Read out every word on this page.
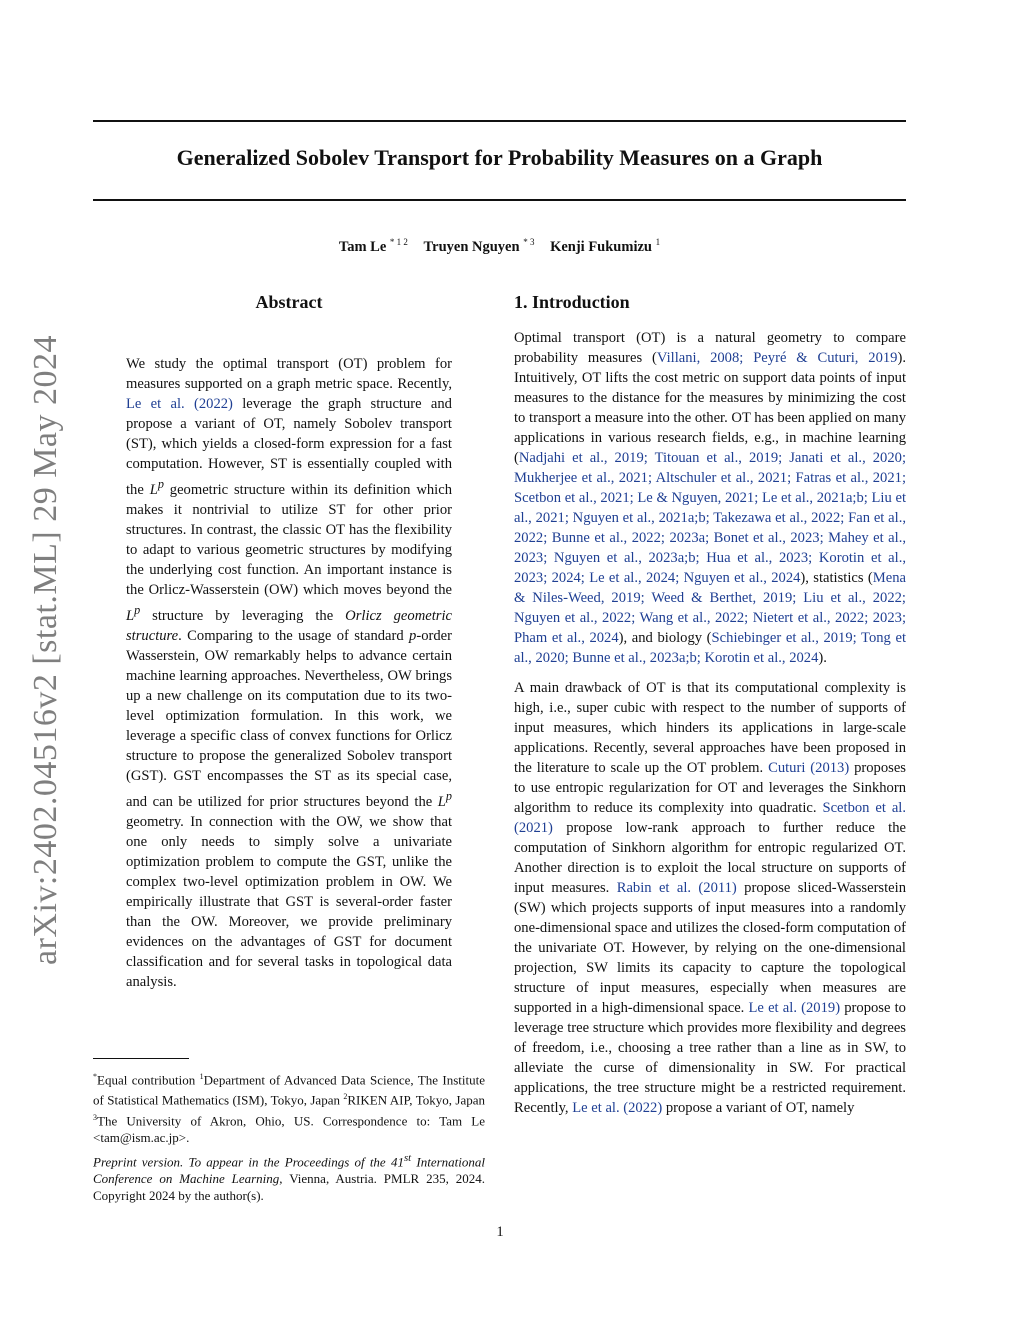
Generalized Sobolev Transport for Probability Measures on a Graph
Tam Le $^{* 1 2}$ Truyen Nguyen $^{* 3}$ Kenji Fukumizu $^1$
arXiv:2402.04516v2 [stat.ML] 29 May 2024
Abstract
We study the optimal transport (OT) problem for measures supported on a graph metric space. Recently, Le et al. (2022) leverage the graph structure and propose a variant of OT, namely Sobolev transport (ST), which yields a closed-form expression for a fast computation. However, ST is essentially coupled with the $L^p$ geometric structure within its definition which makes it nontrivial to utilize ST for other prior structures. In contrast, the classic OT has the flexibility to adapt to various geometric structures by modifying the underlying cost function. An important instance is the Orlicz-Wasserstein (OW) which moves beyond the $L^p$ structure by leveraging the Orlicz geometric structure. Comparing to the usage of standard p-order Wasserstein, OW remarkably helps to advance certain machine learning approaches. Nevertheless, OW brings up a new challenge on its computation due to its two-level optimization formulation. In this work, we leverage a specific class of convex functions for Orlicz structure to propose the generalized Sobolev transport (GST). GST encompasses the ST as its special case, and can be utilized for prior structures beyond the $L^p$ geometry. In connection with the OW, we show that one only needs to simply solve a univariate optimization problem to compute the GST, unlike the complex two-level optimization problem in OW. We empirically illustrate that GST is several-order faster than the OW. Moreover, we provide preliminary evidences on the advantages of GST for document classification and for several tasks in topological data analysis.
1. Introduction

Optimal transport (OT) is a natural geometry to compare probability measures (Villani, 2008; Peyré & Cuturi, 2019). Intuitively, OT lifts the cost metric on support data points of input measures to the distance for the measures by minimizing the cost to transport a measure into the other. OT has been applied on many applications in various research fields, e.g., in machine learning (Nadjahi et al., 2019; Titouan et al., 2019; Janati et al., 2020; Mukherjee et al., 2021; Altschuler et al., 2021; Fatras et al., 2021; Scetbon et al., 2021; Le & Nguyen, 2021; Le et al., 2021a;b; Liu et al., 2021; Nguyen et al., 2021a;b; Takezawa et al., 2022; Fan et al., 2022; Bunne et al., 2022; 2023a; Bonet et al., 2023; Mahey et al., 2023; Nguyen et al., 2023a;b; Hua et al., 2023; Korotin et al., 2023; 2024; Le et al., 2024; Nguyen et al., 2024), statistics (Mena & Niles-Weed, 2019; Weed & Berthet, 2019; Liu et al., 2022; Nguyen et al., 2022; Wang et al., 2022; Nietert et al., 2022; 2023; Pham et al., 2024), and biology (Schiebinger et al., 2019; Tong et al., 2020; Bunne et al., 2023a;b; Korotin et al., 2024).

A main drawback of OT is that its computational complexity is high, i.e., super cubic with respect to the number of supports of input measures, which hinders its applications in large-scale applications. Recently, several approaches have been proposed in the literature to scale up the OT problem. Cuturi (2013) proposes to use entropic regularization for OT and leverages the Sinkhorn algorithm to reduce its complexity into quadratic. Scetbon et al. (2021) propose low-rank approach to further reduce the computation of Sinkhorn algorithm for entropic regularized OT. Another direction is to exploit the local structure on supports of input measures. Rabin et al. (2011) propose sliced-Wasserstein (SW) which projects supports of input measures into a randomly one-dimensional space and utilizes the closed-form computation of the univariate OT. However, by relying on the one-dimensional projection, SW limits its capacity to capture the topological structure of input measures, especially when measures are supported in a high-dimensional space. Le et al. (2019) propose to leverage tree structure which provides more flexibility and degrees of freedom, i.e., choosing a tree rather than a line as in SW, to alleviate the curse of dimensionality in SW. For practical applications, the tree structure might be a restricted requirement. Recently, Le et al. (2022) propose a variant of OT, namely

*Equal contribution $^1$Department of Advanced Data Science, The Institute of Statistical Mathematics (ISM), Tokyo, Japan $^2$RIKEN AIP, Tokyo, Japan $^3$The University of Akron, Ohio, US. Correspondence to: Tam Le <tam@ism.ac.jp>.
Preprint version. To appear in the Proceedings of the 41st International Conference on Machine Learning, Vienna, Austria. PMLR 235, 2024. Copyright 2024 by the author(s).
1
